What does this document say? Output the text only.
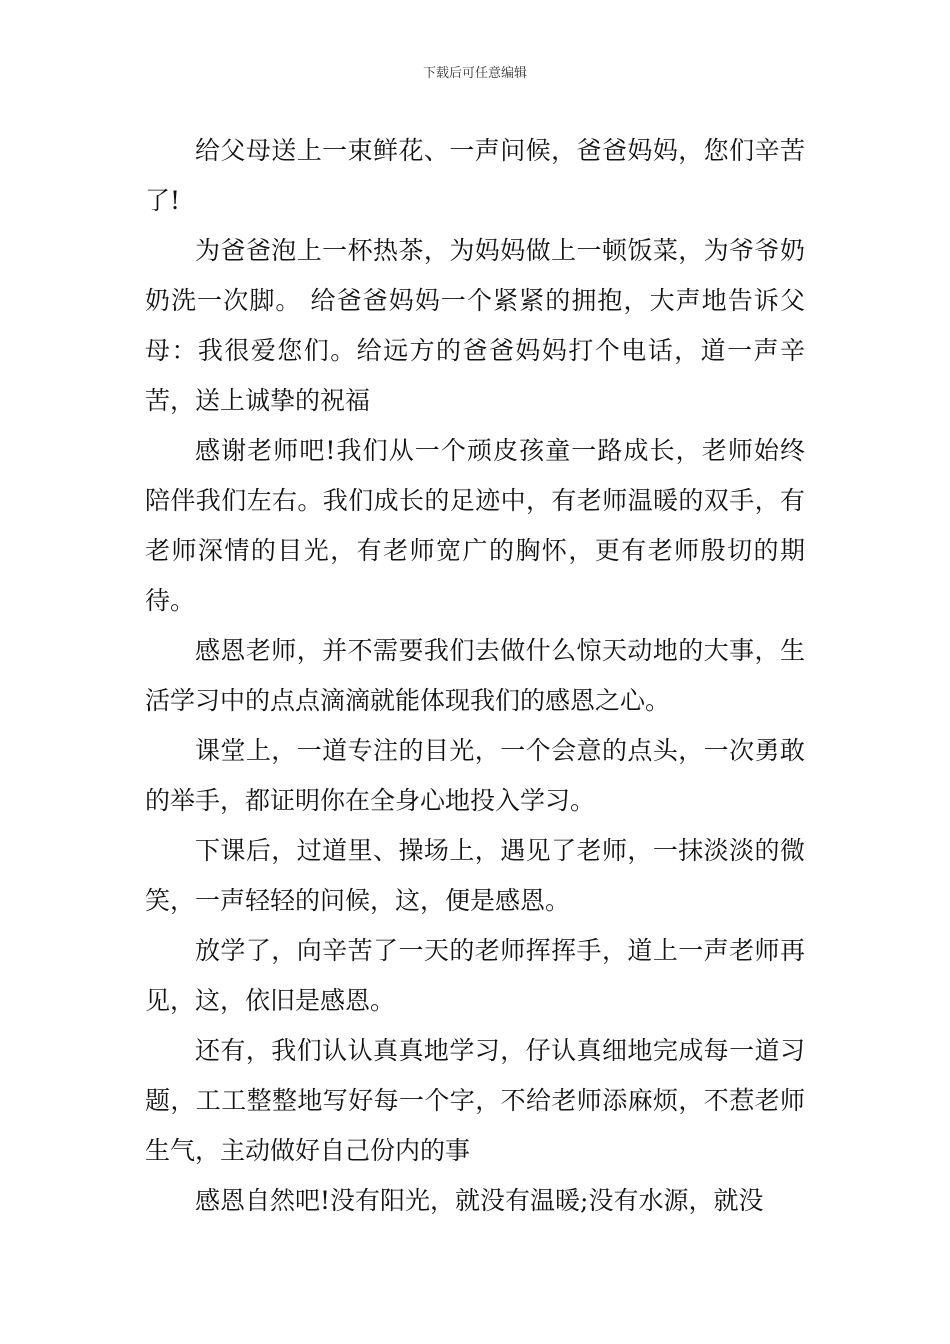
下载后可任意编辑

给父母送上一束鲜花、一声问候，爸爸妈妈，您们辛苦了!

为爸爸泡上一杯热茶，为妈妈做上一顿饭菜，为爷爷奶奶洗一次脚。 给爸爸妈妈一个紧紧的拥抱，大声地告诉父母：我很爱您们。给远方的爸爸妈妈打个电话，道一声辛苦，送上诚挚的祝福

感谢老师吧!我们从一个顽皮孩童一路成长，老师始终陪伴我们左右。我们成长的足迹中，有老师温暖的双手，有老师深情的目光，有老师宽广的胸怀，更有老师殷切的期待。

感恩老师，并不需要我们去做什么惊天动地的大事，生活学习中的点点滴滴就能体现我们的感恩之心。

课堂上，一道专注的目光，一个会意的点头，一次勇敢的举手，都证明你在全身心地投入学习。

下课后，过道里、操场上，遇见了老师，一抹淡淡的微笑，一声轻轻的问候，这，便是感恩。

放学了，向辛苦了一天的老师挥挥手，道上一声老师再见，这，依旧是感恩。

还有，我们认认真真地学习，仔认真细地完成每一道习题，工工整整地写好每一个字，不给老师添麻烦，不惹老师生气，主动做好自己份内的事

感恩自然吧!没有阳光，就没有温暖;没有水源，就没
